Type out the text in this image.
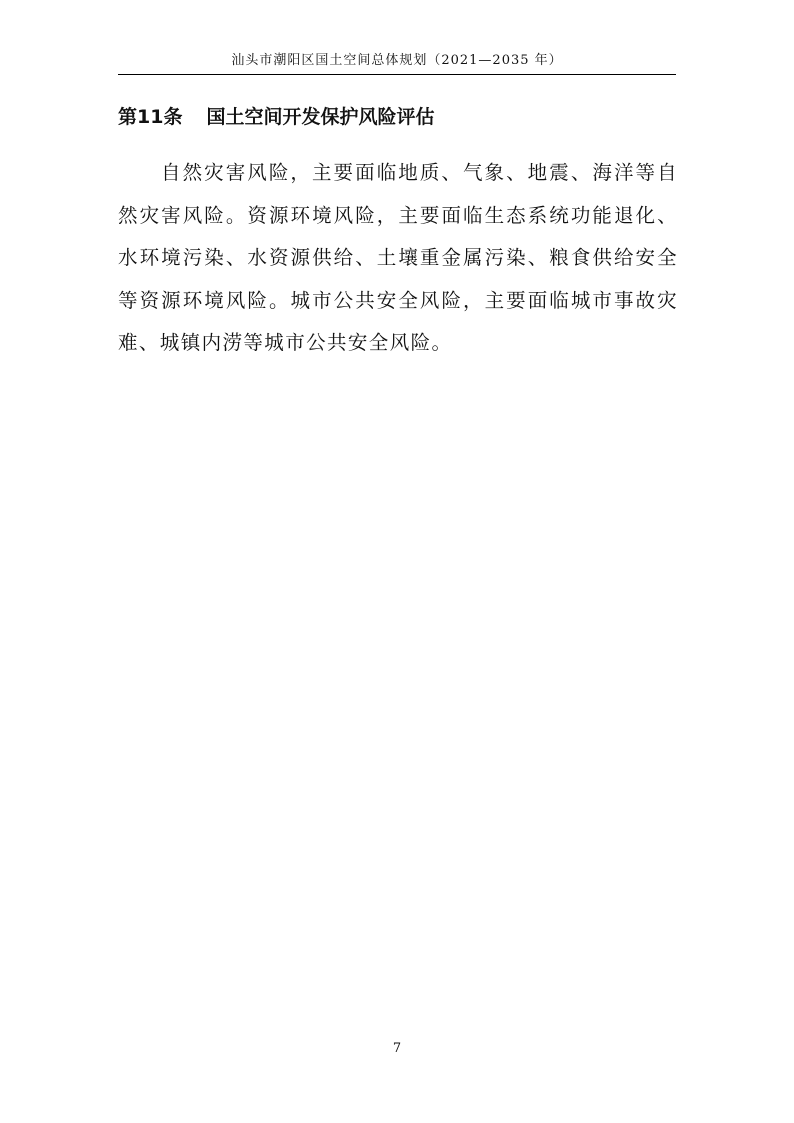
汕头市潮阳区国土空间总体规划（2021—2035 年）
第11条 国土空间开发保护风险评估

自然灾害风险，主要面临地质、气象、地震、海洋等自然灾害风险。资源环境风险，主要面临生态系统功能退化、水环境污染、水资源供给、土壤重金属污染、粮食供给安全等资源环境风险。城市公共安全风险，主要面临城市事故灾难、城镇内涝等城市公共安全风险。

7
